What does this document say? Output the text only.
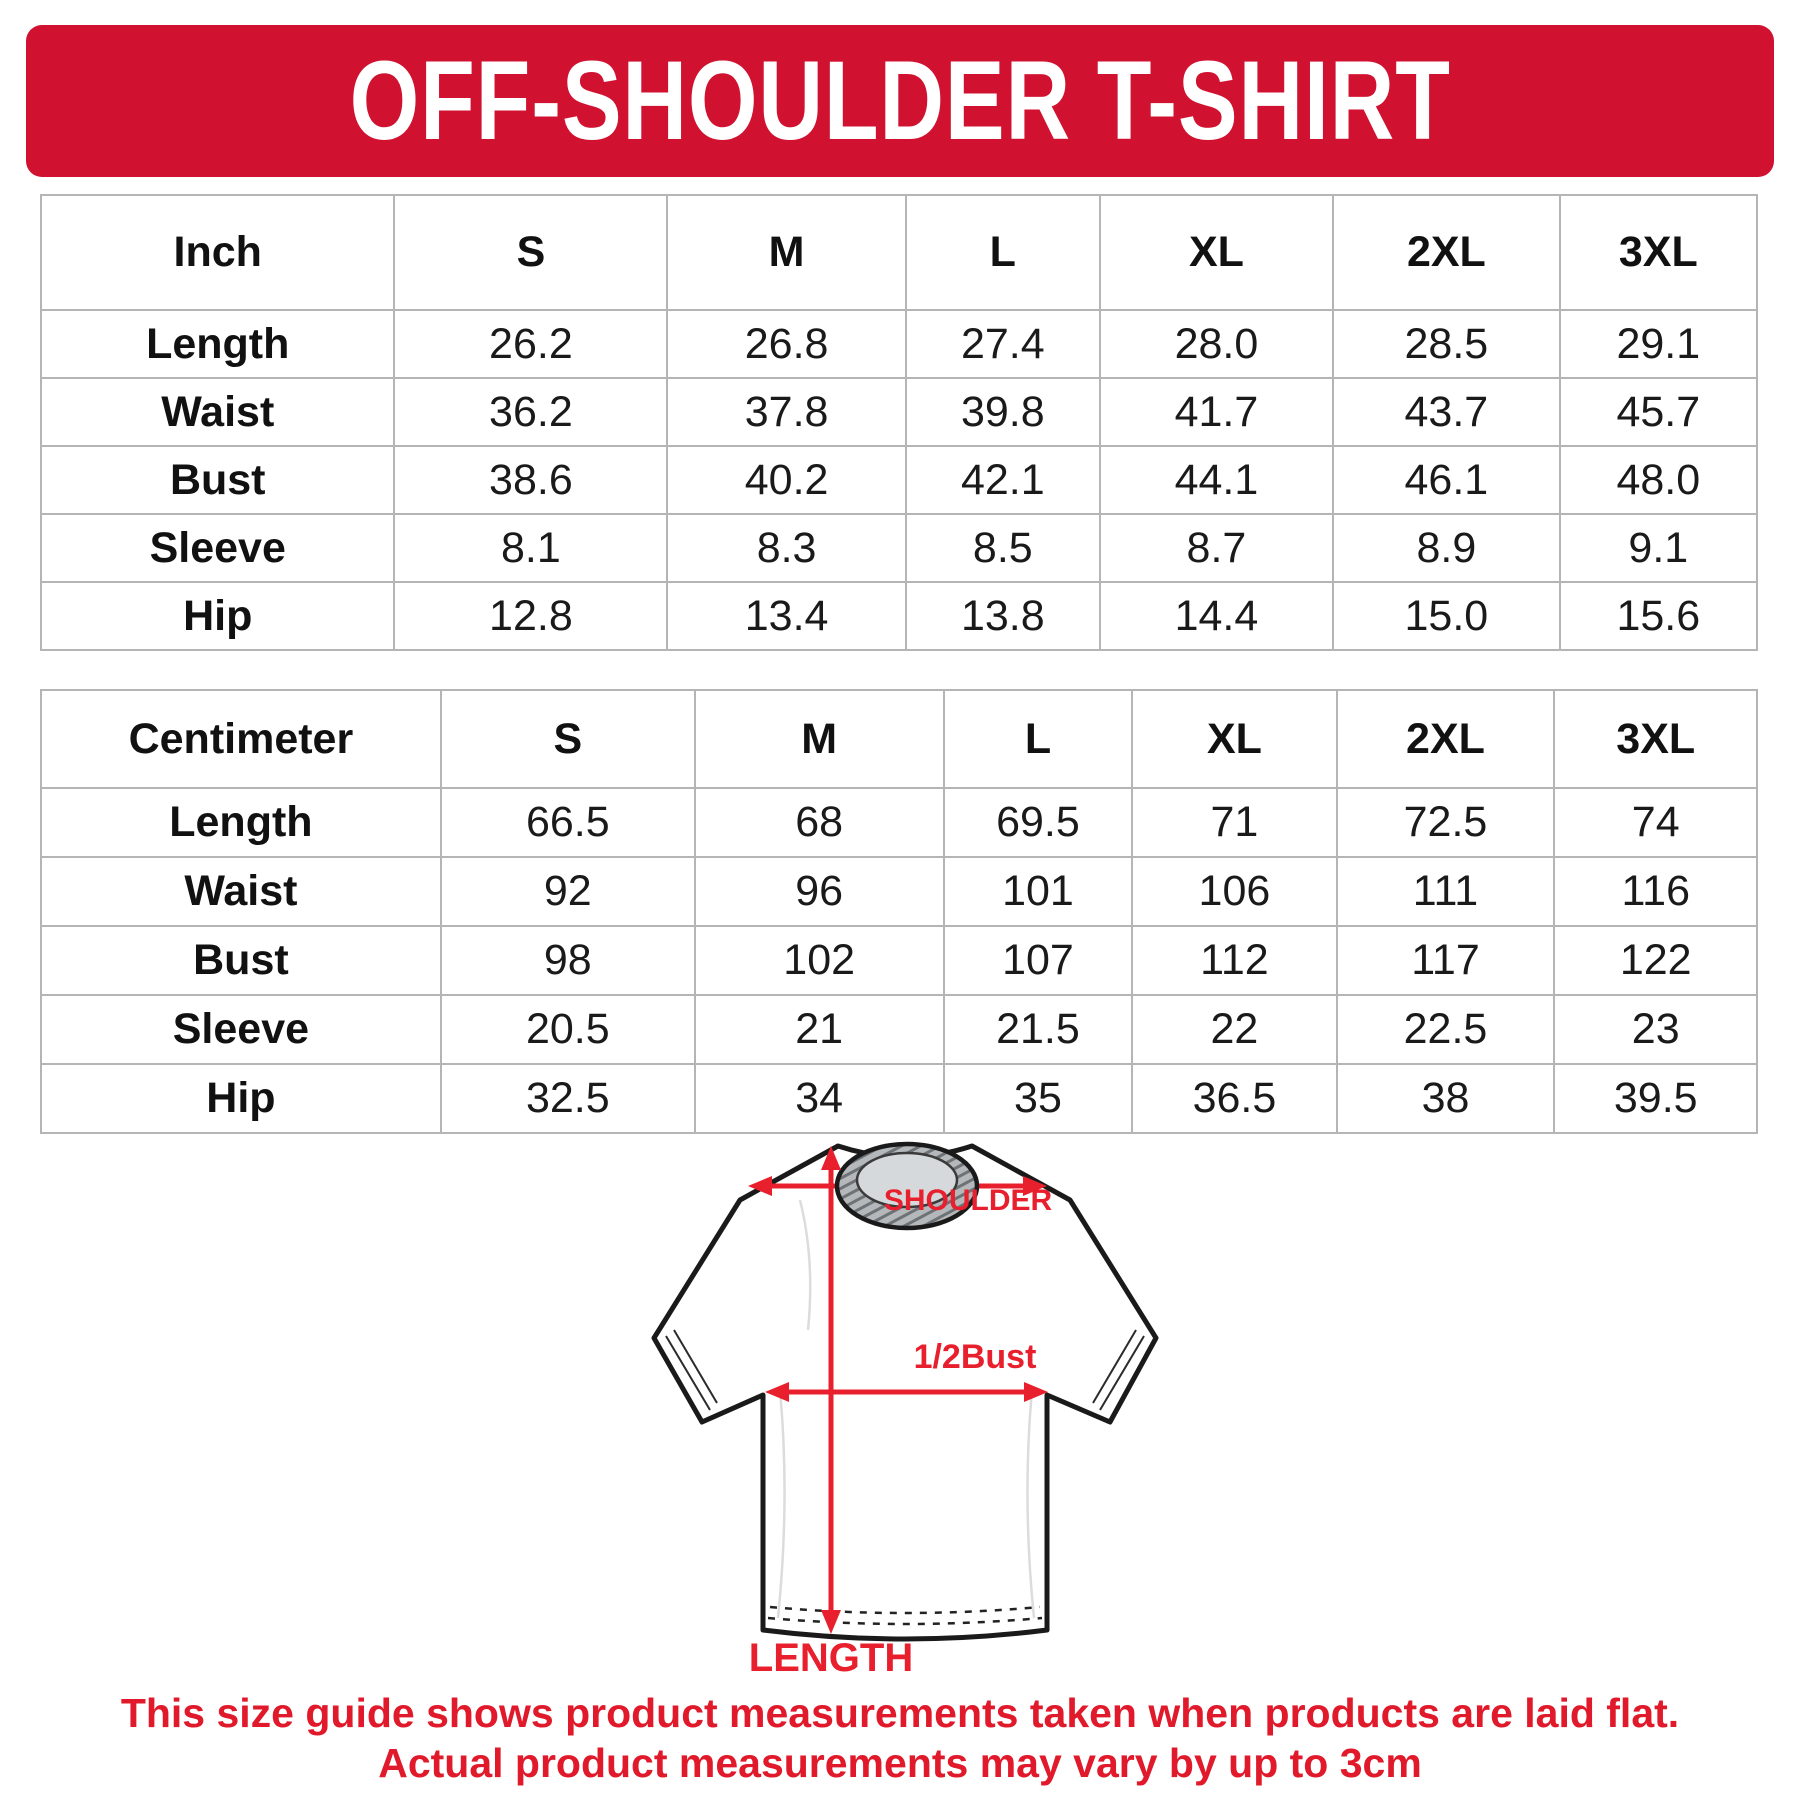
OFF-SHOULDER T-SHIRT
Inch	S	M	L	XL	2XL	3XL
Length	26.2	26.8	27.4	28.0	28.5	29.1
Waist	36.2	37.8	39.8	41.7	43.7	45.7
Bust	38.6	40.2	42.1	44.1	46.1	48.0
Sleeve	8.1	8.3	8.5	8.7	8.9	9.1
Hip	12.8	13.4	13.8	14.4	15.0	15.6
Centimeter	S	M	L	XL	2XL	3XL
Length	66.5	68	69.5	71	72.5	74
Waist	92	96	101	106	111	116
Bust	98	102	107	112	117	122
Sleeve	20.5	21	21.5	22	22.5	23
Hip	32.5	34	35	36.5	38	39.5
SHOULDER
1/2Bust
LENGTH
This size guide shows product measurements taken when products are laid flat.
Actual product measurements may vary by up to 3cm
